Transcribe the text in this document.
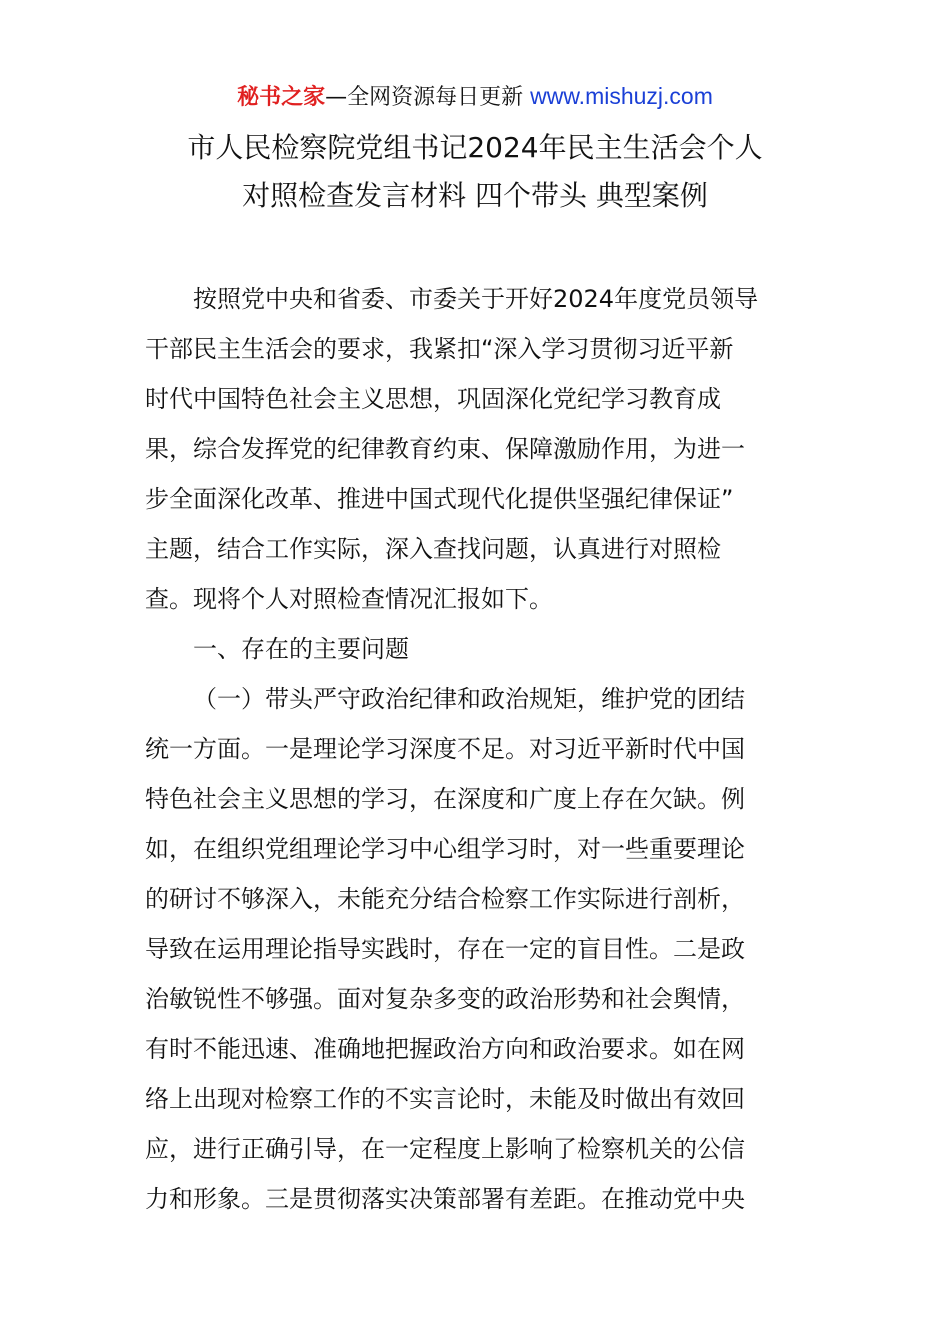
秘书之家—全网资源每日更新 www.mishuzj.com
市人民检察院党组书记2024年民主生活会个人
对照检查发言材料 四个带头 典型案例
按照党中央和省委、市委关于开好2024年度党员领导
干部民主生活会的要求，我紧扣“深入学习贯彻习近平新
时代中国特色社会主义思想，巩固深化党纪学习教育成
果，综合发挥党的纪律教育约束、保障激励作用，为进一
步全面深化改革、推进中国式现代化提供坚强纪律保证”
主题，结合工作实际，深入查找问题，认真进行对照检
查。现将个人对照检查情况汇报如下。
一、存在的主要问题
（一）带头严守政治纪律和政治规矩，维护党的团结
统一方面。一是理论学习深度不足。对习近平新时代中国
特色社会主义思想的学习，在深度和广度上存在欠缺。例
如，在组织党组理论学习中心组学习时，对一些重要理论
的研讨不够深入，未能充分结合检察工作实际进行剖析，
导致在运用理论指导实践时，存在一定的盲目性。二是政
治敏锐性不够强。面对复杂多变的政治形势和社会舆情，
有时不能迅速、准确地把握政治方向和政治要求。如在网
络上出现对检察工作的不实言论时，未能及时做出有效回
应，进行正确引导，在一定程度上影响了检察机关的公信
力和形象。三是贯彻落实决策部署有差距。在推动党中央
